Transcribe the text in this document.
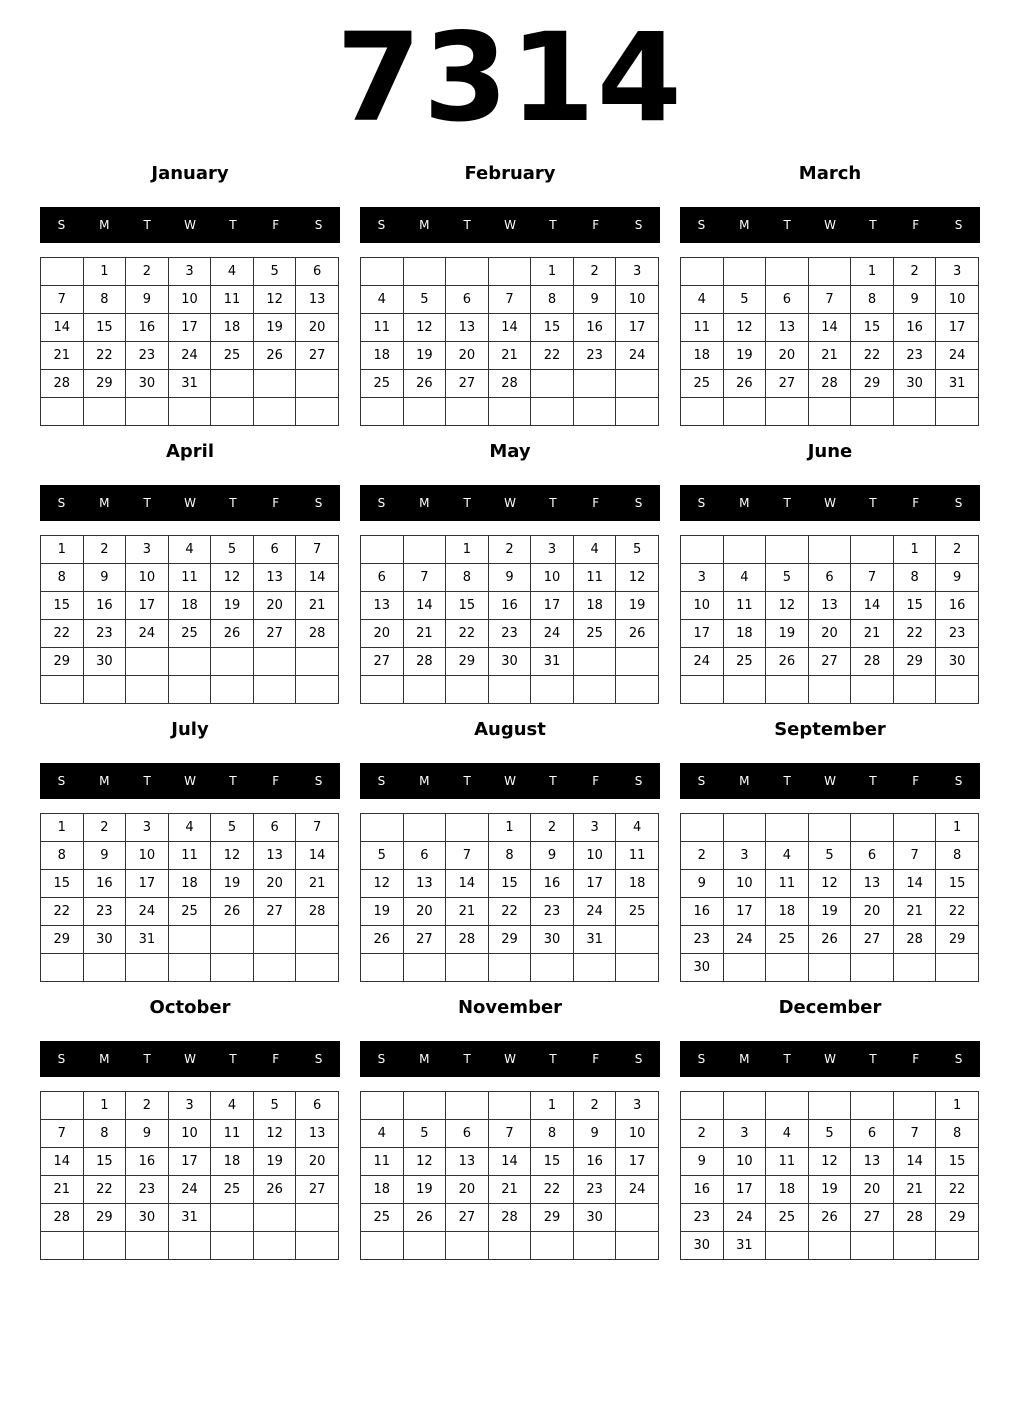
7314
January
S	M	T	W	T	F	S
	1	2	3	4	5	6
7	8	9	10	11	12	13
14	15	16	17	18	19	20
21	22	23	24	25	26	27
28	29	30	31			

February
S	M	T	W	T	F	S
				1	2	3
4	5	6	7	8	9	10
11	12	13	14	15	16	17
18	19	20	21	22	23	24
25	26	27	28			

March
S	M	T	W	T	F	S
				1	2	3
4	5	6	7	8	9	10
11	12	13	14	15	16	17
18	19	20	21	22	23	24
25	26	27	28	29	30	31

April
S	M	T	W	T	F	S
1	2	3	4	5	6	7
8	9	10	11	12	13	14
15	16	17	18	19	20	21
22	23	24	25	26	27	28
29	30					

May
S	M	T	W	T	F	S
		1	2	3	4	5
6	7	8	9	10	11	12
13	14	15	16	17	18	19
20	21	22	23	24	25	26
27	28	29	30	31		

June
S	M	T	W	T	F	S
					1	2
3	4	5	6	7	8	9
10	11	12	13	14	15	16
17	18	19	20	21	22	23
24	25	26	27	28	29	30

July
S	M	T	W	T	F	S
1	2	3	4	5	6	7
8	9	10	11	12	13	14
15	16	17	18	19	20	21
22	23	24	25	26	27	28
29	30	31				

August
S	M	T	W	T	F	S
			1	2	3	4
5	6	7	8	9	10	11
12	13	14	15	16	17	18
19	20	21	22	23	24	25
26	27	28	29	30	31	

September
S	M	T	W	T	F	S
						1
2	3	4	5	6	7	8
9	10	11	12	13	14	15
16	17	18	19	20	21	22
23	24	25	26	27	28	29
30						
October
S	M	T	W	T	F	S
	1	2	3	4	5	6
7	8	9	10	11	12	13
14	15	16	17	18	19	20
21	22	23	24	25	26	27
28	29	30	31			

November
S	M	T	W	T	F	S
				1	2	3
4	5	6	7	8	9	10
11	12	13	14	15	16	17
18	19	20	21	22	23	24
25	26	27	28	29	30	

December
S	M	T	W	T	F	S
						1
2	3	4	5	6	7	8
9	10	11	12	13	14	15
16	17	18	19	20	21	22
23	24	25	26	27	28	29
30	31					
